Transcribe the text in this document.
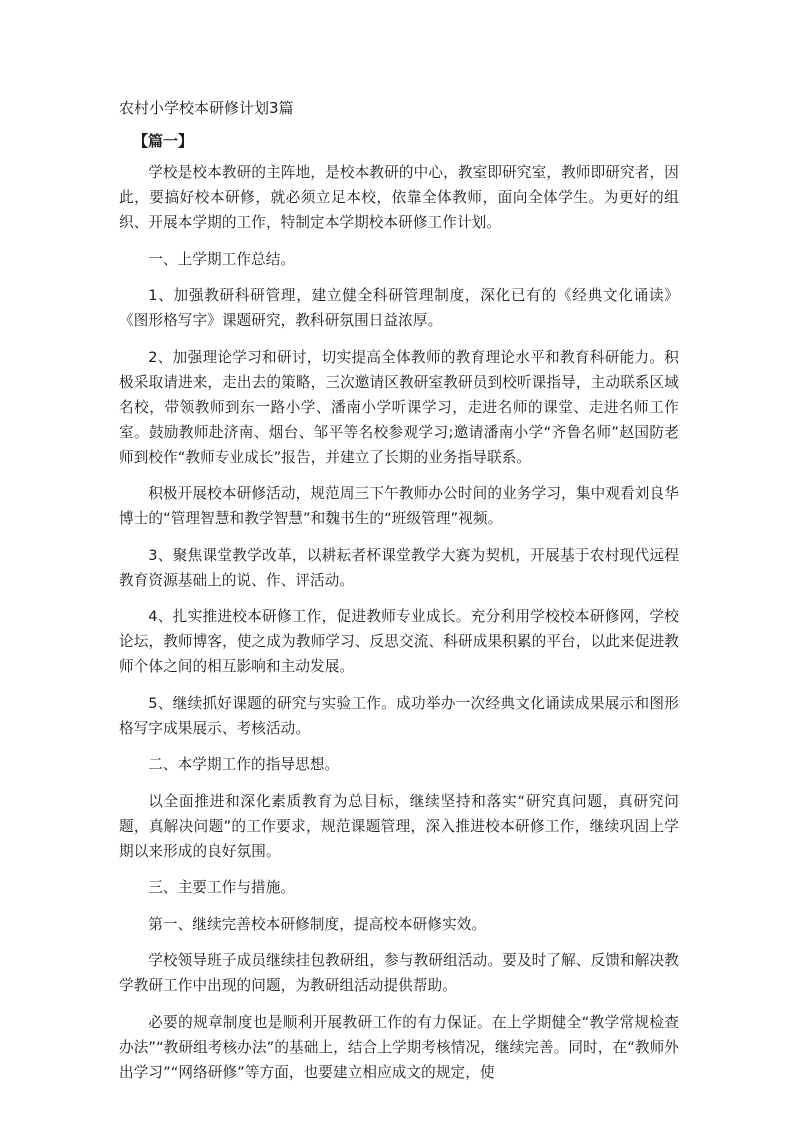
农村小学校本研修计划3篇
【篇一】

学校是校本教研的主阵地，是校本教研的中心，教室即研究室，教师即研究者，因此，要搞好校本研修，就必须立足本校，依靠全体教师，面向全体学生。为更好的组织、开展本学期的工作，特制定本学期校本研修工作计划。

一、上学期工作总结。

1、加强教研科研管理，建立健全科研管理制度，深化已有的《经典文化诵读》《图形格写字》课题研究，教科研氛围日益浓厚。

2、加强理论学习和研讨，切实提高全体教师的教育理论水平和教育科研能力。积极采取请进来，走出去的策略，三次邀请区教研室教研员到校听课指导，主动联系区域名校，带领教师到东一路小学、潘南小学听课学习，走进名师的课堂、走进名师工作室。鼓励教师赴济南、烟台、邹平等名校参观学习;邀请潘南小学“齐鲁名师”赵国防老师到校作“教师专业成长”报告，并建立了长期的业务指导联系。

积极开展校本研修活动，规范周三下午教师办公时间的业务学习，集中观看刘良华博士的“管理智慧和教学智慧”和魏书生的“班级管理”视频。

3、聚焦课堂教学改革，以耕耘者杯课堂教学大赛为契机，开展基于农村现代远程教育资源基础上的说、作、评活动。

4、扎实推进校本研修工作，促进教师专业成长。充分利用学校校本研修网，学校论坛，教师博客，使之成为教师学习、反思交流、科研成果积累的平台，以此来促进教师个体之间的相互影响和主动发展。

5、继续抓好课题的研究与实验工作。成功举办一次经典文化诵读成果展示和图形格写字成果展示、考核活动。

二、本学期工作的指导思想。

以全面推进和深化素质教育为总目标，继续坚持和落实“研究真问题，真研究问题，真解决问题”的工作要求，规范课题管理，深入推进校本研修工作，继续巩固上学期以来形成的良好氛围。

三、主要工作与措施。

第一、继续完善校本研修制度，提高校本研修实效。

学校领导班子成员继续挂包教研组，参与教研组活动。要及时了解、反馈和解决教学教研工作中出现的问题，为教研组活动提供帮助。

必要的规章制度也是顺利开展教研工作的有力保证。在上学期健全“教学常规检查办法”“教研组考核办法”的基础上，结合上学期考核情况，继续完善。同时，在“教师外出学习”“网络研修”等方面，也要建立相应成文的规定，使
